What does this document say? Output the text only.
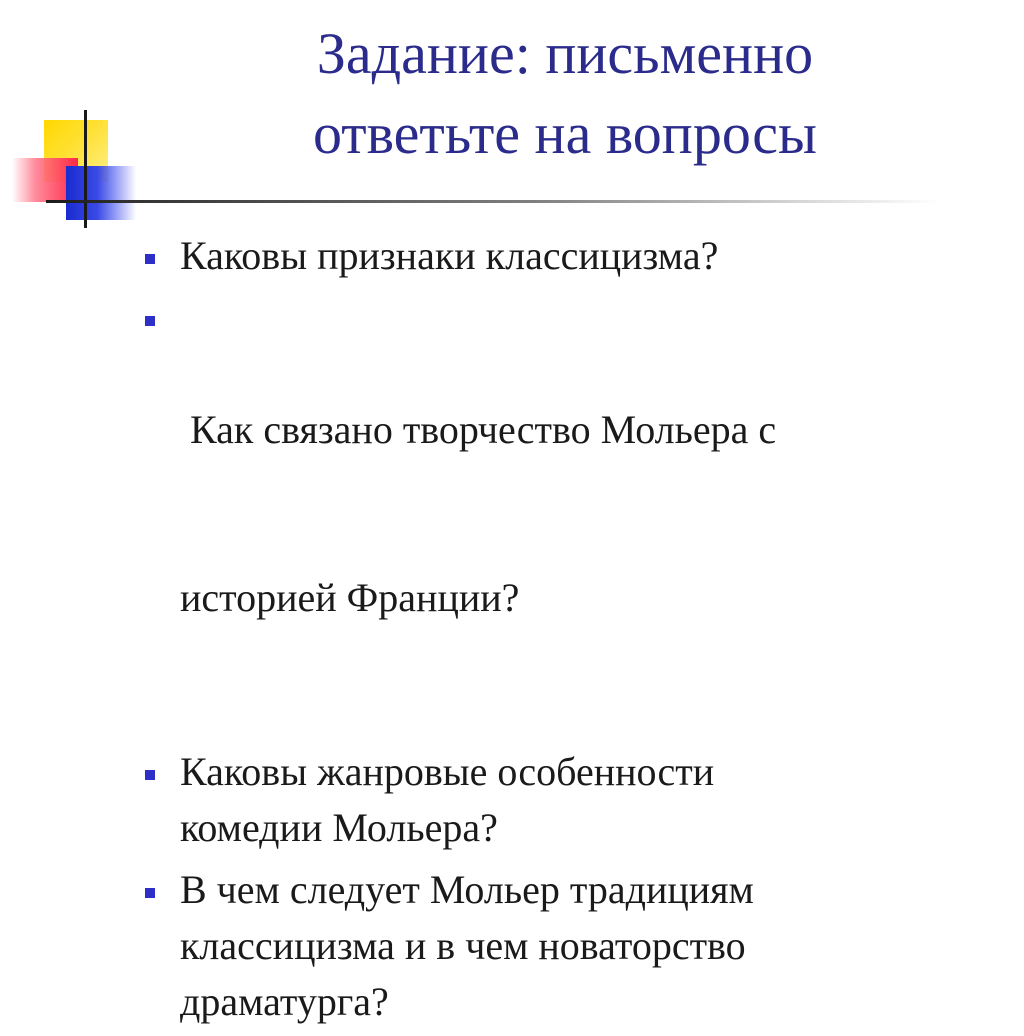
Задание: письменно
ответьте на вопросы
Каковы признаки классицизма?

Как связано творчество Мольера с

историей Франции?

Каковы жанровые особенности
комедии Мольера?
В чем следует Мольер традициям
классицизма и в чем новаторство
драматурга?
